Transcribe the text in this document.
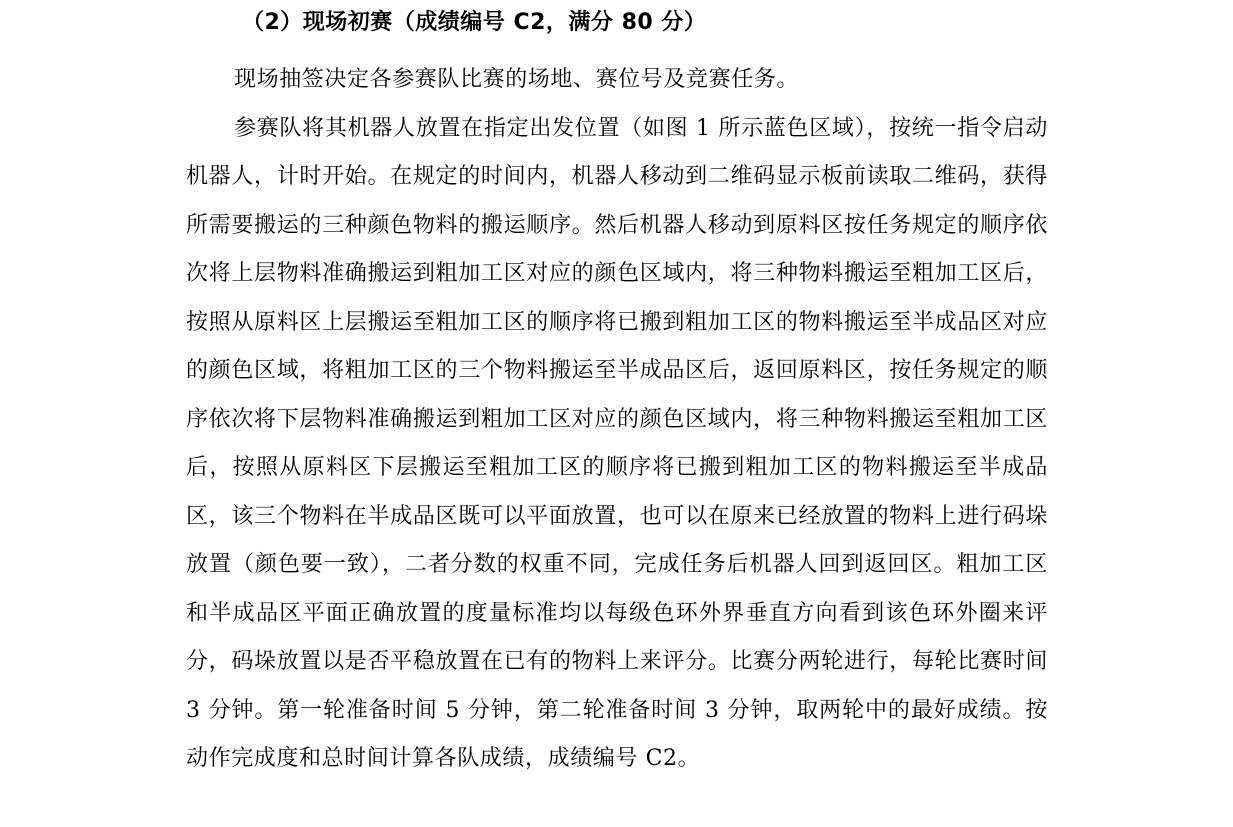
（2）现场初赛（成绩编号 C2，满分 80 分）

现场抽签决定各参赛队比赛的场地、赛位号及竞赛任务。

参赛队将其机器人放置在指定出发位置（如图 1 所示蓝色区域），按统一指令启动机器人，计时开始。在规定的时间内，机器人移动到二维码显示板前读取二维码，获得所需要搬运的三种颜色物料的搬运顺序。然后机器人移动到原料区按任务规定的顺序依次将上层物料准确搬运到粗加工区对应的颜色区域内，将三种物料搬运至粗加工区后，按照从原料区上层搬运至粗加工区的顺序将已搬到粗加工区的物料搬运至半成品区对应的颜色区域，将粗加工区的三个物料搬运至半成品区后，返回原料区，按任务规定的顺序依次将下层物料准确搬运到粗加工区对应的颜色区域内，将三种物料搬运至粗加工区后，按照从原料区下层搬运至粗加工区的顺序将已搬到粗加工区的物料搬运至半成品区，该三个物料在半成品区既可以平面放置，也可以在原来已经放置的物料上进行码垛放置（颜色要一致），二者分数的权重不同，完成任务后机器人回到返回区。粗加工区和半成品区平面正确放置的度量标准均以每级色环外界垂直方向看到该色环外圈来评分，码垛放置以是否平稳放置在已有的物料上来评分。比赛分两轮进行，每轮比赛时间 3 分钟。第一轮准备时间 5 分钟，第二轮准备时间 3 分钟，取两轮中的最好成绩。按动作完成度和总时间计算各队成绩，成绩编号 C2。
